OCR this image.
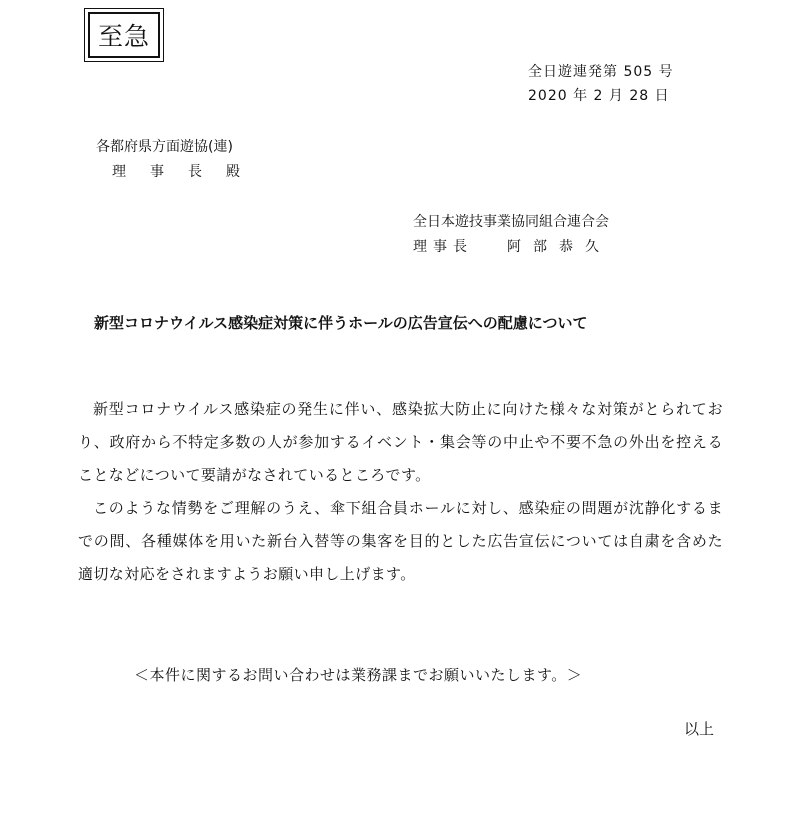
至急
全日遊連発第 505 号
2020 年 2 月 28 日
各都府県方面遊協(連)
理事長殿
全日本遊技事業協同組合連合会
理事長 阿部恭久
新型コロナウイルス感染症対策に伴うホールの広告宣伝への配慮について

新型コロナウイルス感染症の発生に伴い、感染拡大防止に向けた様々な対策がとられており、政府から不特定多数の人が参加するイベント・集会等の中止や不要不急の外出を控えることなどについて要請がなされているところです。

このような情勢をご理解のうえ、傘下組合員ホールに対し、感染症の問題が沈静化するまでの間、各種媒体を用いた新台入替等の集客を目的とした広告宣伝については自粛を含めた適切な対応をされますようお願い申し上げます。

＜本件に関するお問い合わせは業務課までお願いいたします。＞
以上
